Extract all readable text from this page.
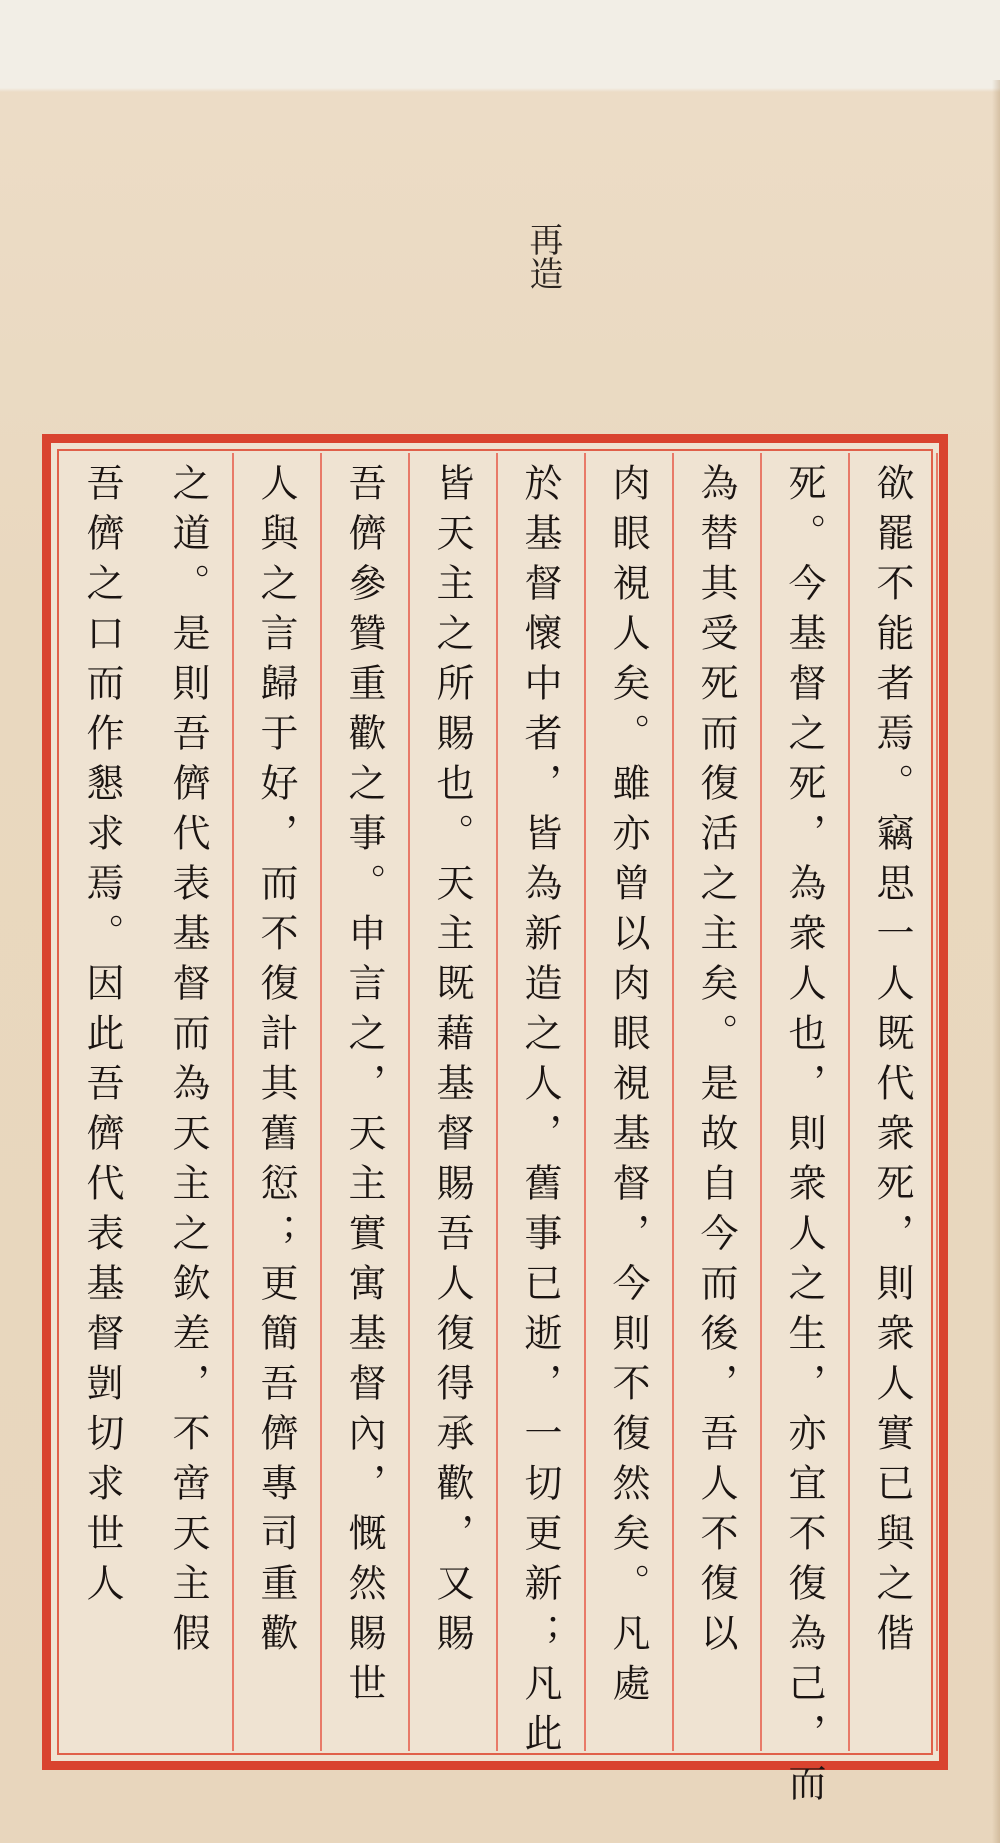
再造
欲罷不能者焉。竊思一人既代衆死，則衆人實已與之偕
死。今基督之死，為衆人也，則衆人之生，亦宜不復為己，而
為替其受死而復活之主矣。是故自今而後，吾人不復以
肉眼視人矣。雖亦曾以肉眼視基督，今則不復然矣。凡處
於基督懷中者，皆為新造之人，舊事已逝，一切更新；凡此
皆天主之所賜也。天主既藉基督賜吾人復得承歡，又賜
吾儕參贊重歡之事。申言之，天主實寓基督內，慨然賜世
人與之言歸于好，而不復計其舊愆；更簡吾儕專司重歡
之道。是則吾儕代表基督而為天主之欽差，不啻天主假
吾儕之口而作懇求焉。因此吾儕代表基督剴切求世人
